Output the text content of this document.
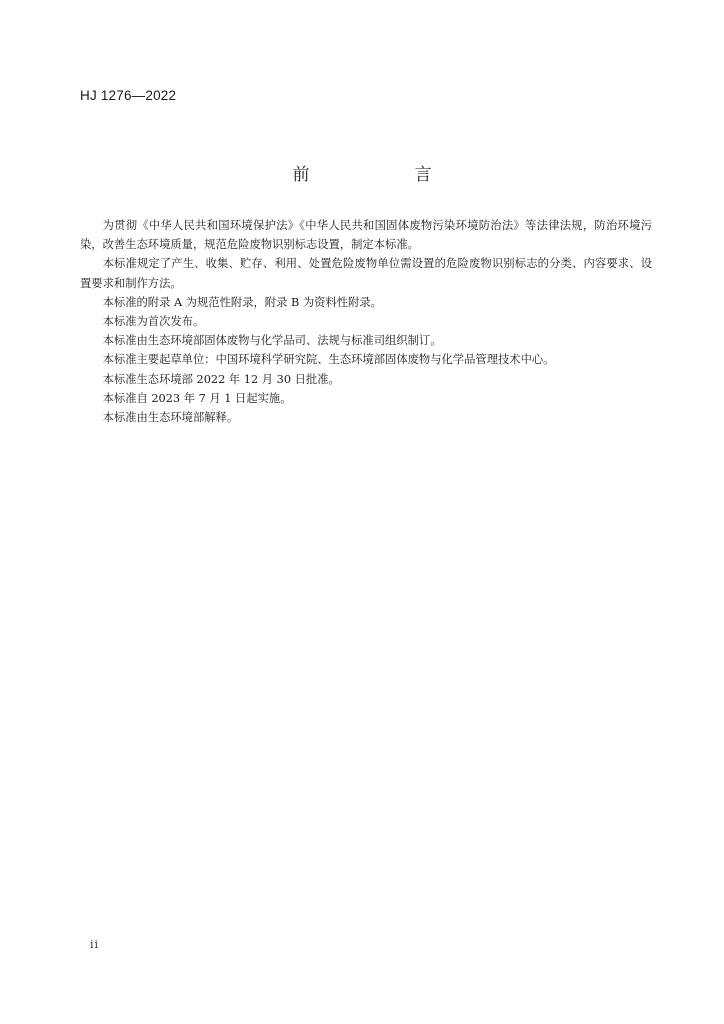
HJ 1276—2022
前　言

为贯彻《中华人民共和国环境保护法》《中华人民共和国固体废物污染环境防治法》等法律法规，防治环境污染，改善生态环境质量，规范危险废物识别标志设置，制定本标准。

本标准规定了产生、收集、贮存、利用、处置危险废物单位需设置的危险废物识别标志的分类、内容要求、设置要求和制作方法。

本标准的附录 A 为规范性附录，附录 B 为资料性附录。

本标准为首次发布。

本标准由生态环境部固体废物与化学品司、法规与标准司组织制订。

本标准主要起草单位：中国环境科学研究院、生态环境部固体废物与化学品管理技术中心。

本标准生态环境部 2022 年 12 月 30 日批准。

本标准自 2023 年 7 月 1 日起实施。

本标准由生态环境部解释。

ii
